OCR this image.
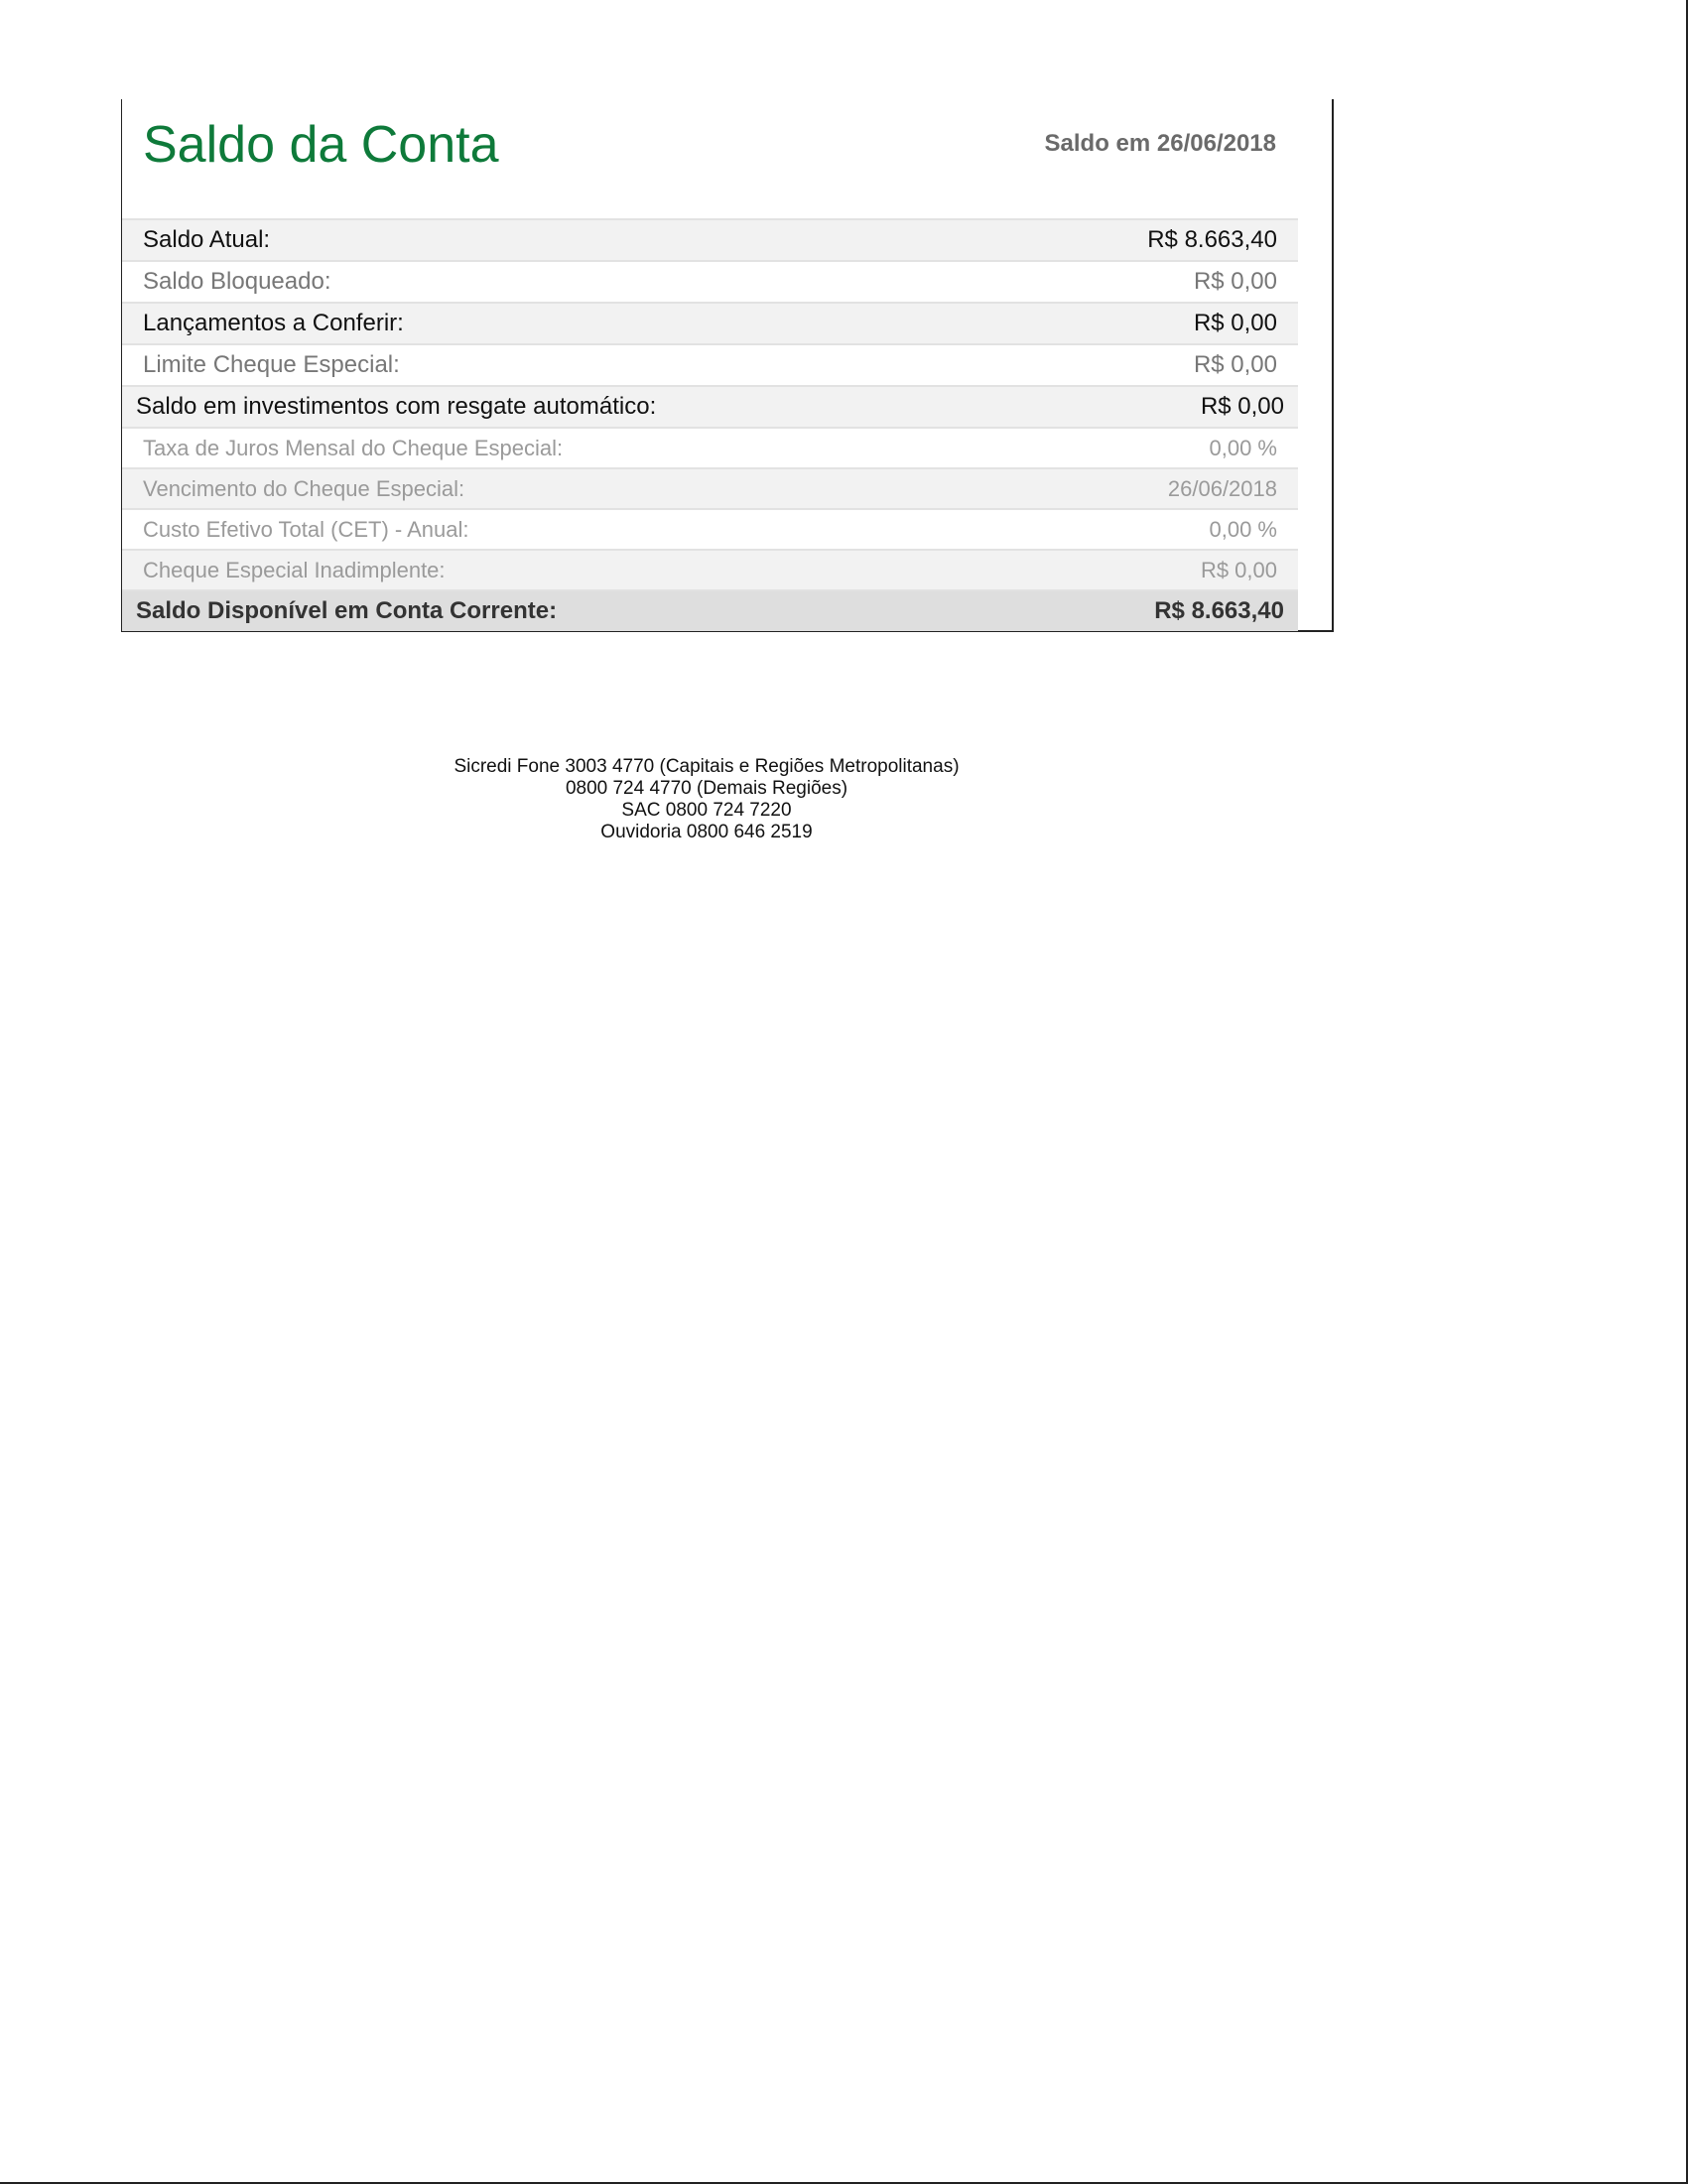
Saldo da Conta	Saldo em 26/06/2018
Saldo Atual:	R$ 8.663,40
Saldo Bloqueado:	R$ 0,00
Lançamentos a Conferir:	R$ 0,00
Limite Cheque Especial:	R$ 0,00
Saldo em investimentos com resgate automático:	R$ 0,00
Taxa de Juros Mensal do Cheque Especial:	0,00 %
Vencimento do Cheque Especial:	26/06/2018
Custo Efetivo Total (CET) - Anual:	0,00 %
Cheque Especial Inadimplente:	R$ 0,00
Saldo Disponível em Conta Corrente:	R$ 8.663,40
Sicredi Fone 3003 4770 (Capitais e Regiões Metropolitanas)
0800 724 4770 (Demais Regiões)
SAC 0800 724 7220
Ouvidoria 0800 646 2519
